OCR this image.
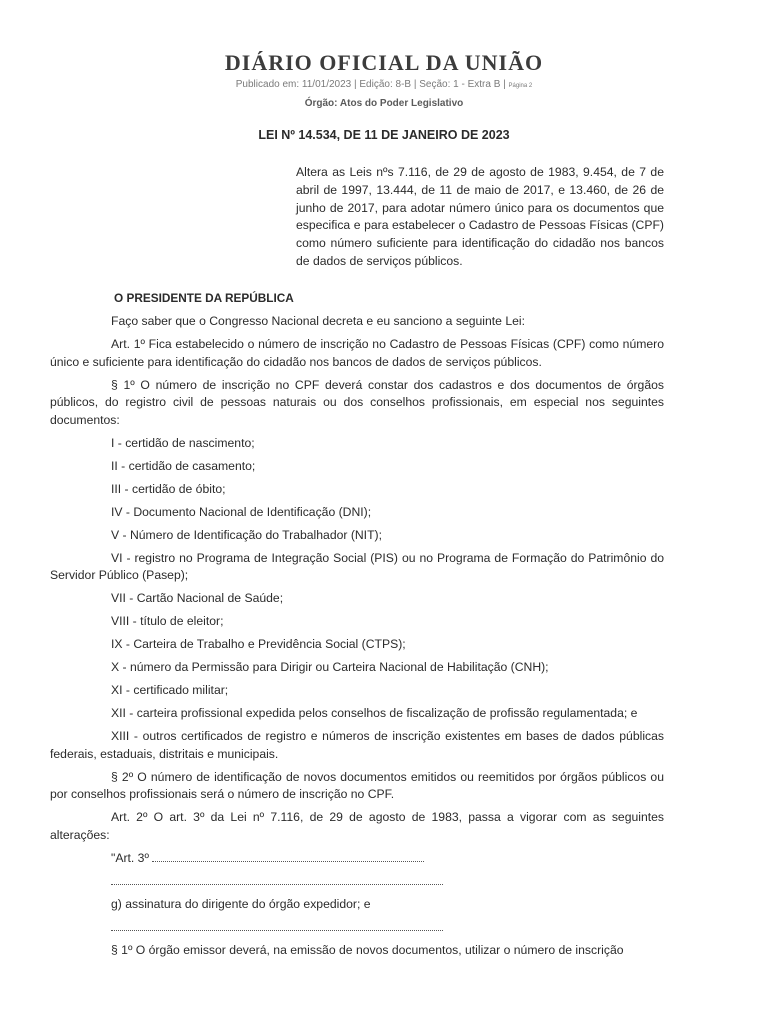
DIÁRIO OFICIAL DA UNIÃO
Publicado em: 11/01/2023 | Edição: 8-B | Seção: 1 - Extra B | Página 2
Órgão: Atos do Poder Legislativo
LEI Nº 14.534, DE 11 DE JANEIRO DE 2023
Altera as Leis nºs 7.116, de 29 de agosto de 1983, 9.454, de 7 de abril de 1997, 13.444, de 11 de maio de 2017, e 13.460, de 26 de junho de 2017, para adotar número único para os documentos que especifica e para estabelecer o Cadastro de Pessoas Físicas (CPF) como número suficiente para identificação do cidadão nos bancos de dados de serviços públicos.

O PRESIDENTE DA REPÚBLICA

Faço saber que o Congresso Nacional decreta e eu sanciono a seguinte Lei:

Art. 1º Fica estabelecido o número de inscrição no Cadastro de Pessoas Físicas (CPF) como número único e suficiente para identificação do cidadão nos bancos de dados de serviços públicos.

§ 1º O número de inscrição no CPF deverá constar dos cadastros e dos documentos de órgãos públicos, do registro civil de pessoas naturais ou dos conselhos profissionais, em especial nos seguintes documentos:

I - certidão de nascimento;

II - certidão de casamento;

III - certidão de óbito;

IV - Documento Nacional de Identificação (DNI);

V - Número de Identificação do Trabalhador (NIT);

VI - registro no Programa de Integração Social (PIS) ou no Programa de Formação do Patrimônio do Servidor Público (Pasep);

VII - Cartão Nacional de Saúde;

VIII - título de eleitor;

IX - Carteira de Trabalho e Previdência Social (CTPS);

X - número da Permissão para Dirigir ou Carteira Nacional de Habilitação (CNH);

XI - certificado militar;

XII - carteira profissional expedida pelos conselhos de fiscalização de profissão regulamentada; e

XIII - outros certificados de registro e números de inscrição existentes em bases de dados públicas federais, estaduais, distritais e municipais.

§ 2º O número de identificação de novos documentos emitidos ou reemitidos por órgãos públicos ou por conselhos profissionais será o número de inscrição no CPF.

Art. 2º O art. 3º da Lei nº 7.116, de 29 de agosto de 1983, passa a vigorar com as seguintes alterações:

"Art. 3º

g) assinatura do dirigente do órgão expedidor; e

§ 1º O órgão emissor deverá, na emissão de novos documentos, utilizar o número de inscrição
